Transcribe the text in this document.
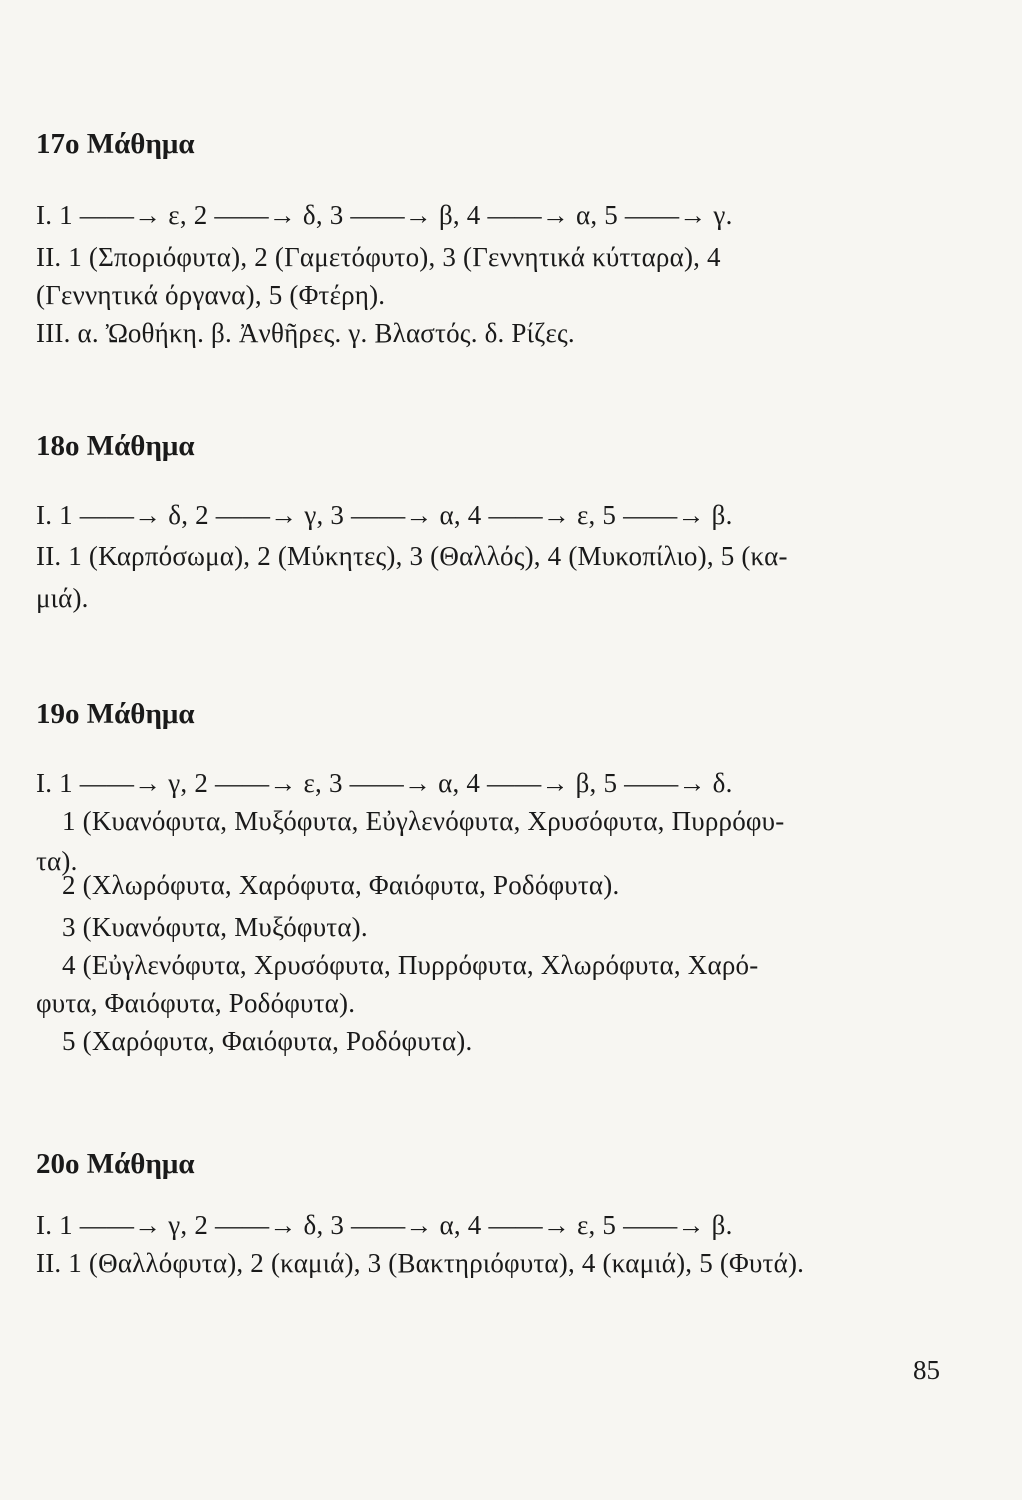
17ο Μάθημα
Ι. 1 ——→ ε, 2 ——→ δ, 3 ——→ β, 4 ——→ α, 5 ——→ γ.
ΙΙ. 1 (Σποριόφυτα), 2 (Γαμετόφυτο), 3 (Γεννητικά κύτταρα), 4
(Γεννητικά όργανα), 5 (Φτέρη).
ΙΙΙ. α. Ὠοθήκη. β. Ἀνθῆρες. γ. Βλαστός. δ. Ρίζες.
18ο Μάθημα
Ι. 1 ——→ δ, 2 ——→ γ, 3 ——→ α, 4 ——→ ε, 5 ——→ β.
ΙΙ. 1 (Καρπόσωμα), 2 (Μύκητες), 3 (Θαλλός), 4 (Μυκοπίλιο), 5 (κα-
μιά).
19ο Μάθημα
Ι. 1 ——→ γ, 2 ——→ ε, 3 ——→ α, 4 ——→ β, 5 ——→ δ.
1 (Κυανόφυτα, Μυξόφυτα, Εὐγλενόφυτα, Χρυσόφυτα, Πυρρόφυ-
τα).
2 (Χλωρόφυτα, Χαρόφυτα, Φαιόφυτα, Ροδόφυτα).
3 (Κυανόφυτα, Μυξόφυτα).
4 (Εὐγλενόφυτα, Χρυσόφυτα, Πυρρόφυτα, Χλωρόφυτα, Χαρό-
φυτα, Φαιόφυτα, Ροδόφυτα).
5 (Χαρόφυτα, Φαιόφυτα, Ροδόφυτα).
20ο Μάθημα
Ι. 1 ——→ γ, 2 ——→ δ, 3 ——→ α, 4 ——→ ε, 5 ——→ β.
ΙΙ. 1 (Θαλλόφυτα), 2 (καμιά), 3 (Βακτηριόφυτα), 4 (καμιά), 5 (Φυτά).
85
